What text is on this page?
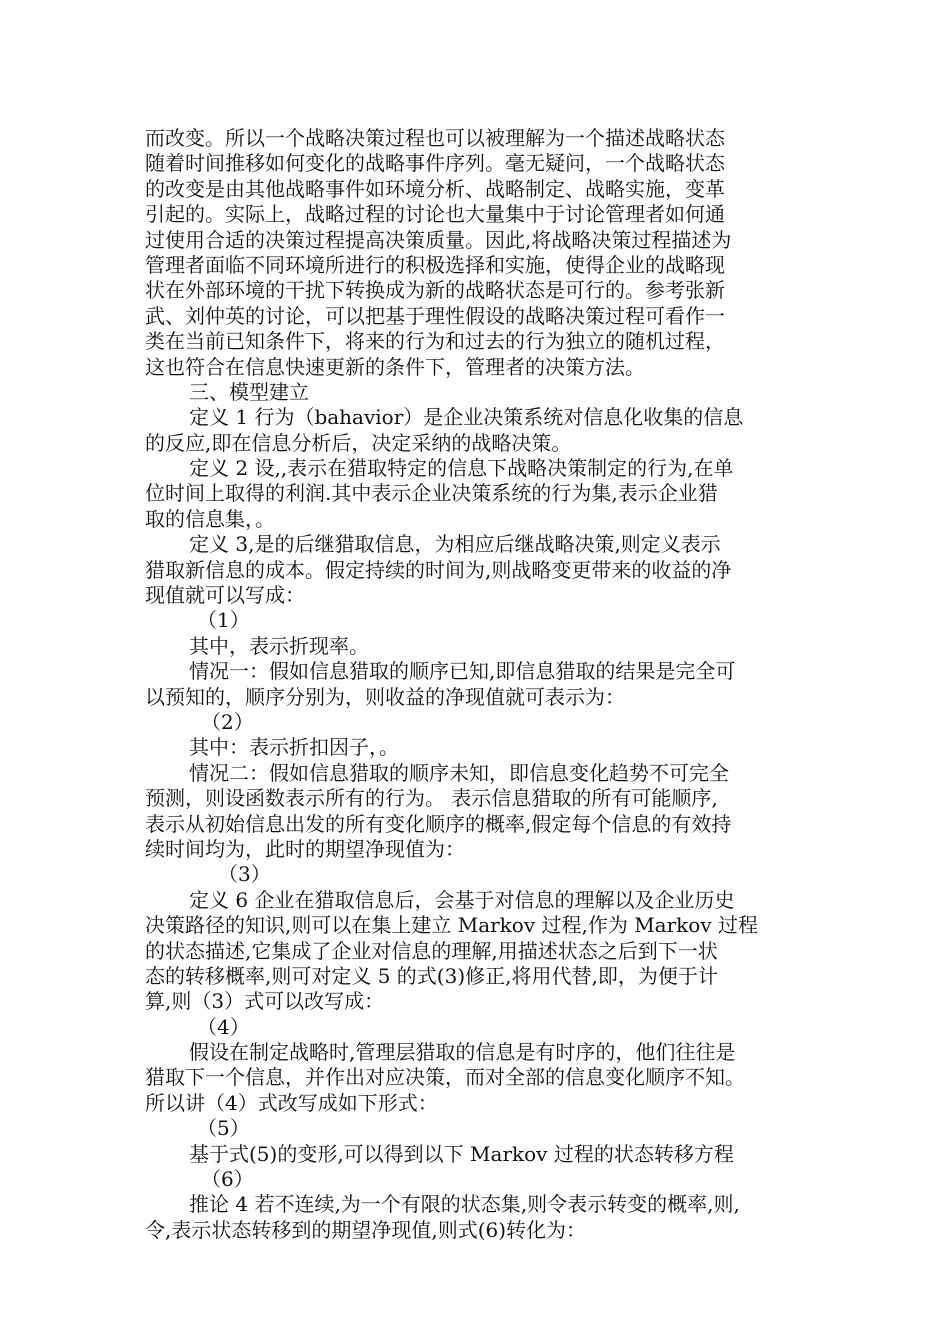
而改变。所以一个战略决策过程也可以被理解为一个描述战略状态
随着时间推移如何变化的战略事件序列。毫无疑问，一个战略状态
的改变是由其他战略事件如环境分析、战略制定、战略实施，变革
引起的。实际上，战略过程的讨论也大量集中于讨论管理者如何通
过使用合适的决策过程提高决策质量。因此,将战略决策过程描述为
管理者面临不同环境所进行的积极选择和实施，使得企业的战略现
状在外部环境的干扰下转换成为新的战略状态是可行的。参考张新
武、刘仲英的讨论，可以把基于理性假设的战略决策过程可看作一
类在当前已知条件下，将来的行为和过去的行为独立的随机过程，
这也符合在信息快速更新的条件下，管理者的决策方法。
三、模型建立
定义 1 行为（bahavior）是企业决策系统对信息化收集的信息
的反应,即在信息分析后，决定采纳的战略决策。
定义 2 设,,表示在猎取特定的信息下战略决策制定的行为,在单
位时间上取得的利润.其中表示企业决策系统的行为集,表示企业猎
取的信息集，。
定义 3,是的后继猎取信息，为相应后继战略决策,则定义表示
猎取新信息的成本。假定持续的时间为,则战略变更带来的收益的净
现值就可以写成：
（1）
其中，表示折现率。
情况一：假如信息猎取的顺序已知,即信息猎取的结果是完全可
以预知的，顺序分别为，则收益的净现值就可表示为：
（2）
其中：表示折扣因子，。
情况二：假如信息猎取的顺序未知，即信息变化趋势不可完全
预测，则设函数表示所有的行为。 表示信息猎取的所有可能顺序,
表示从初始信息出发的所有变化顺序的概率,假定每个信息的有效持
续时间均为，此时的期望净现值为：
（3）
定义 6 企业在猎取信息后，会基于对信息的理解以及企业历史
决策路径的知识,则可以在集上建立 Markov 过程,作为 Markov 过程
的状态描述,它集成了企业对信息的理解,用描述状态之后到下一状
态的转移概率,则可对定义 5 的式(3)修正,将用代替,即，为便于计
算,则（3）式可以改写成：
（4）
假设在制定战略时,管理层猎取的信息是有时序的，他们往往是
猎取下一个信息，并作出对应决策，而对全部的信息变化顺序不知。
所以讲（4）式改写成如下形式：
（5）
基于式(5)的变形,可以得到以下 Markov 过程的状态转移方程
（6）
推论 4 若不连续,为一个有限的状态集,则令表示转变的概率,则,
令,表示状态转移到的期望净现值,则式(6)转化为：
